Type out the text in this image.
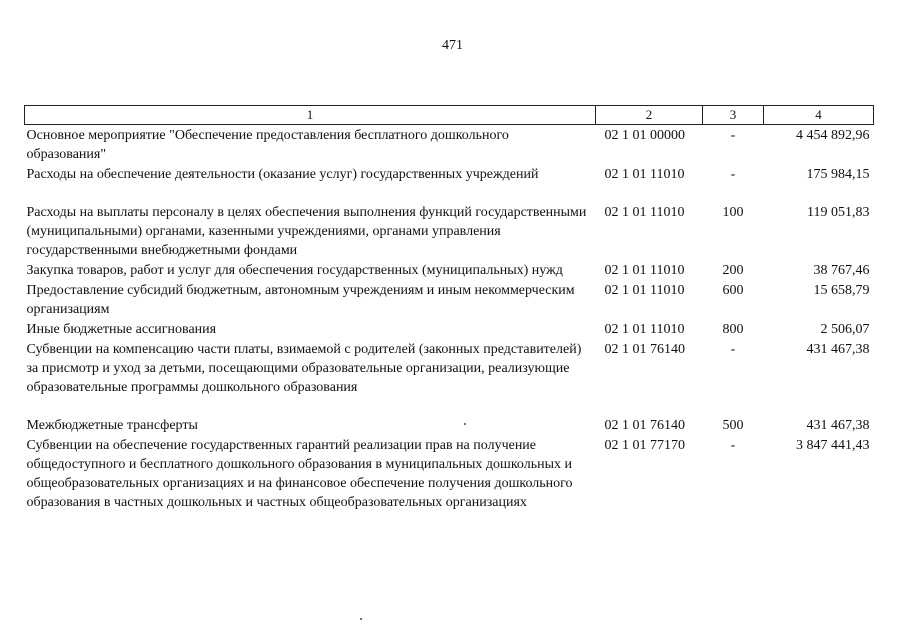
471
1	2	3	4
Основное мероприятие "Обеспечение предоставления бесплатного дошкольного образования"	02 1 01 00000	-	4 454 892,96
Расходы на обеспечение деятельности (оказание услуг) государственных учреждений	02 1 01 11010	-	175 984,15
Расходы на выплаты персоналу в целях обеспечения выполнения функций государственными (муниципальными) органами, казенными учреждениями, органами управления государственными внебюджетными фондами	02 1 01 11010	100	119 051,83
Закупка товаров, работ и услуг для обеспечения государственных (муниципальных) нужд	02 1 01 11010	200	38 767,46
Предоставление субсидий бюджетным, автономным учреждениям и иным некоммерческим организациям	02 1 01 11010	600	15 658,79
Иные бюджетные ассигнования	02 1 01 11010	800	2 506,07
Субвенции на компенсацию части платы, взимаемой с родителей (законных представителей) за присмотр и уход за детьми, посещающими образовательные организации, реализующие образовательные программы дошкольного образования	02 1 01 76140	-	431 467,38
Межбюджетные трансферты	02 1 01 76140	500	431 467,38
Субвенции на обеспечение государственных гарантий реализации прав на получение общедоступного и бесплатного дошкольного образования в муниципальных дошкольных и общеобразовательных организациях и на финансовое обеспечение получения дошкольного образования в частных дошкольных и частных общеобразовательных организациях	02 1 01 77170	-	3 847 441,43
